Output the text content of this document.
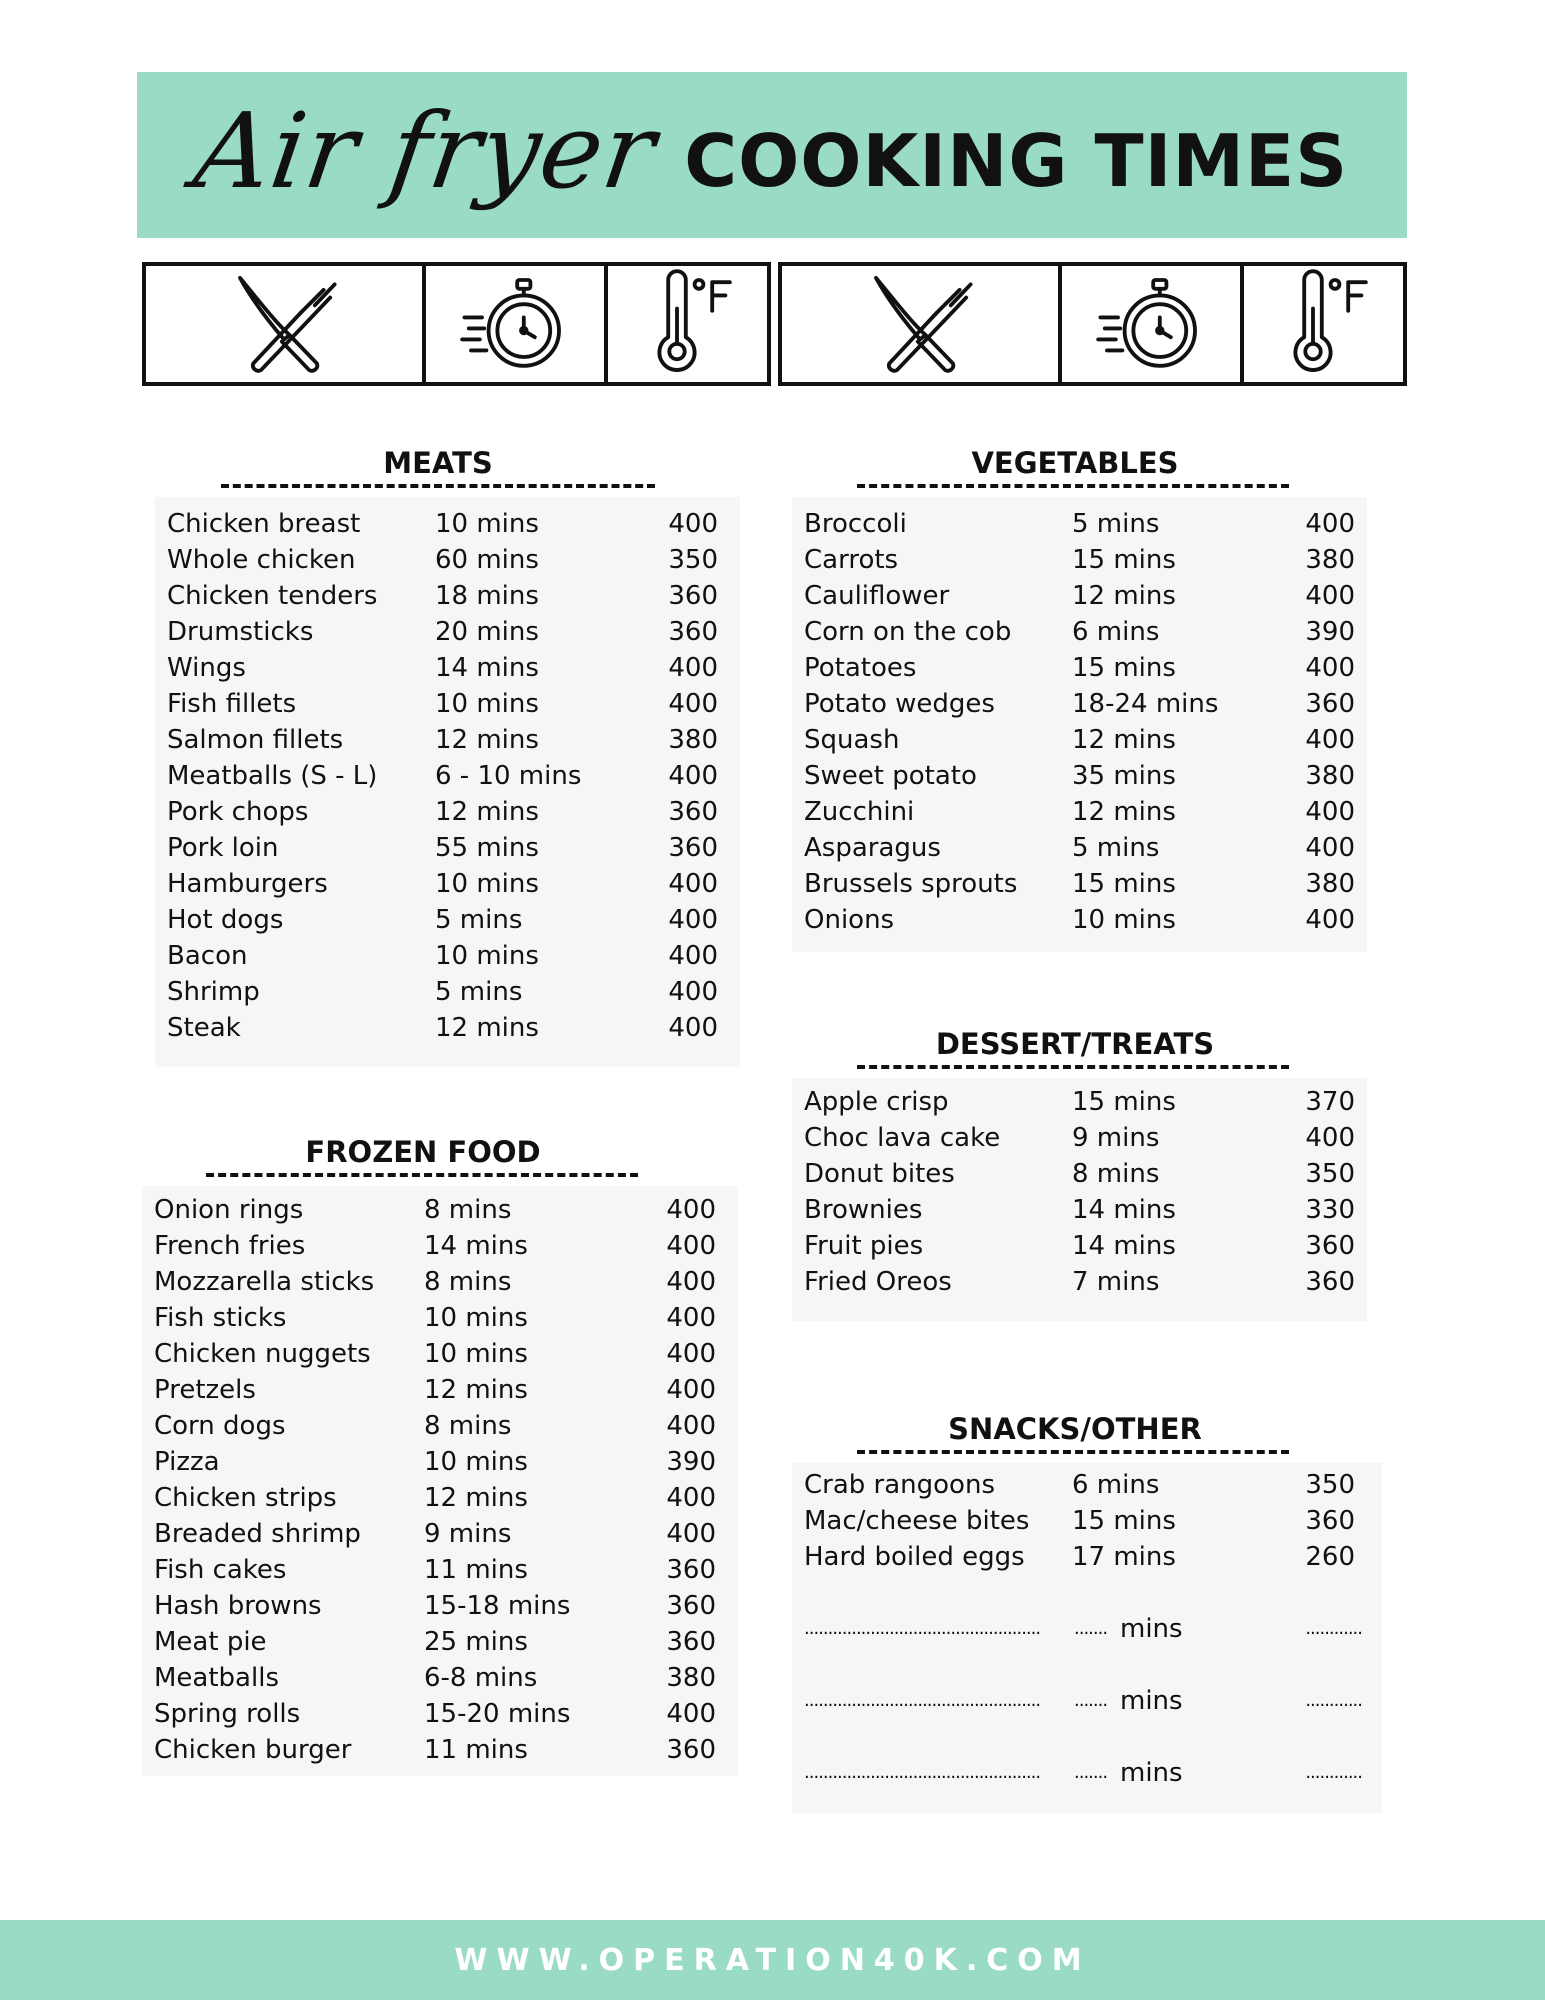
Air fryer COOKING TIMES
MEATS
Chicken breast	10 mins	400
Whole chicken	60 mins	350
Chicken tenders 18 mins	360
Drumsticks	20 mins	360
Wings	14 mins	400
Fish fillets	10 mins	400
Salmon fillets	12 mins	380
Meatballs (S - L) 6 - 10 mins	400
Pork chops	12 mins	360
Pork loin	55 mins	360
Hamburgers	10 mins	400
Hot dogs	5 mins	400
Bacon	10 mins	400
Shrimp	5 mins	400
Steak	12 mins	400
VEGETABLES
Broccoli	5 mins	400
Carrots	15 mins	380
Cauliflower	12 mins	400
Corn on the cob 6 mins	390
Potatoes	15 mins	400
Potato wedges	18-24 mins	360
Squash	12 mins	400
Sweet potato	35 mins	380
Zucchini	12 mins	400
Asparagus	5 mins	400
Brussels sprouts 15 mins	380
Onions	10 mins	400
DESSERT/TREATS
Apple crisp	15 mins	370
Choc lava cake	9 mins	400
Donut bites	8 mins	350
Brownies	14 mins	330
Fruit pies	14 mins	360
Fried Oreos	7 mins	360
FROZEN FOOD
Onion rings	8 mins	400
French fries	14 mins	400
Mozzarella sticks 8 mins	400
Fish sticks	10 mins	400
Chicken nuggets 10 mins	400
Pretzels	12 mins	400
Corn dogs	8 mins	400
Pizza	10 mins	390
Chicken strips	12 mins	400
Breaded shrimp 9 mins	400
Fish cakes	11 mins	360
Hash browns	15-18 mins	360
Meat pie	25 mins	360
Meatballs	6-8 mins	380
Spring rolls	15-20 mins	400
Chicken burger	11 mins	360
SNACKS/OTHER
Crab rangoons	6 mins	350
Mac/cheese bites 15 mins	360
Hard boiled eggs 17 mins	260
.................................................. ....... mins	............
.................................................. ....... mins	............
.................................................. ....... mins	............
WWW.OPERATION40K.COM
